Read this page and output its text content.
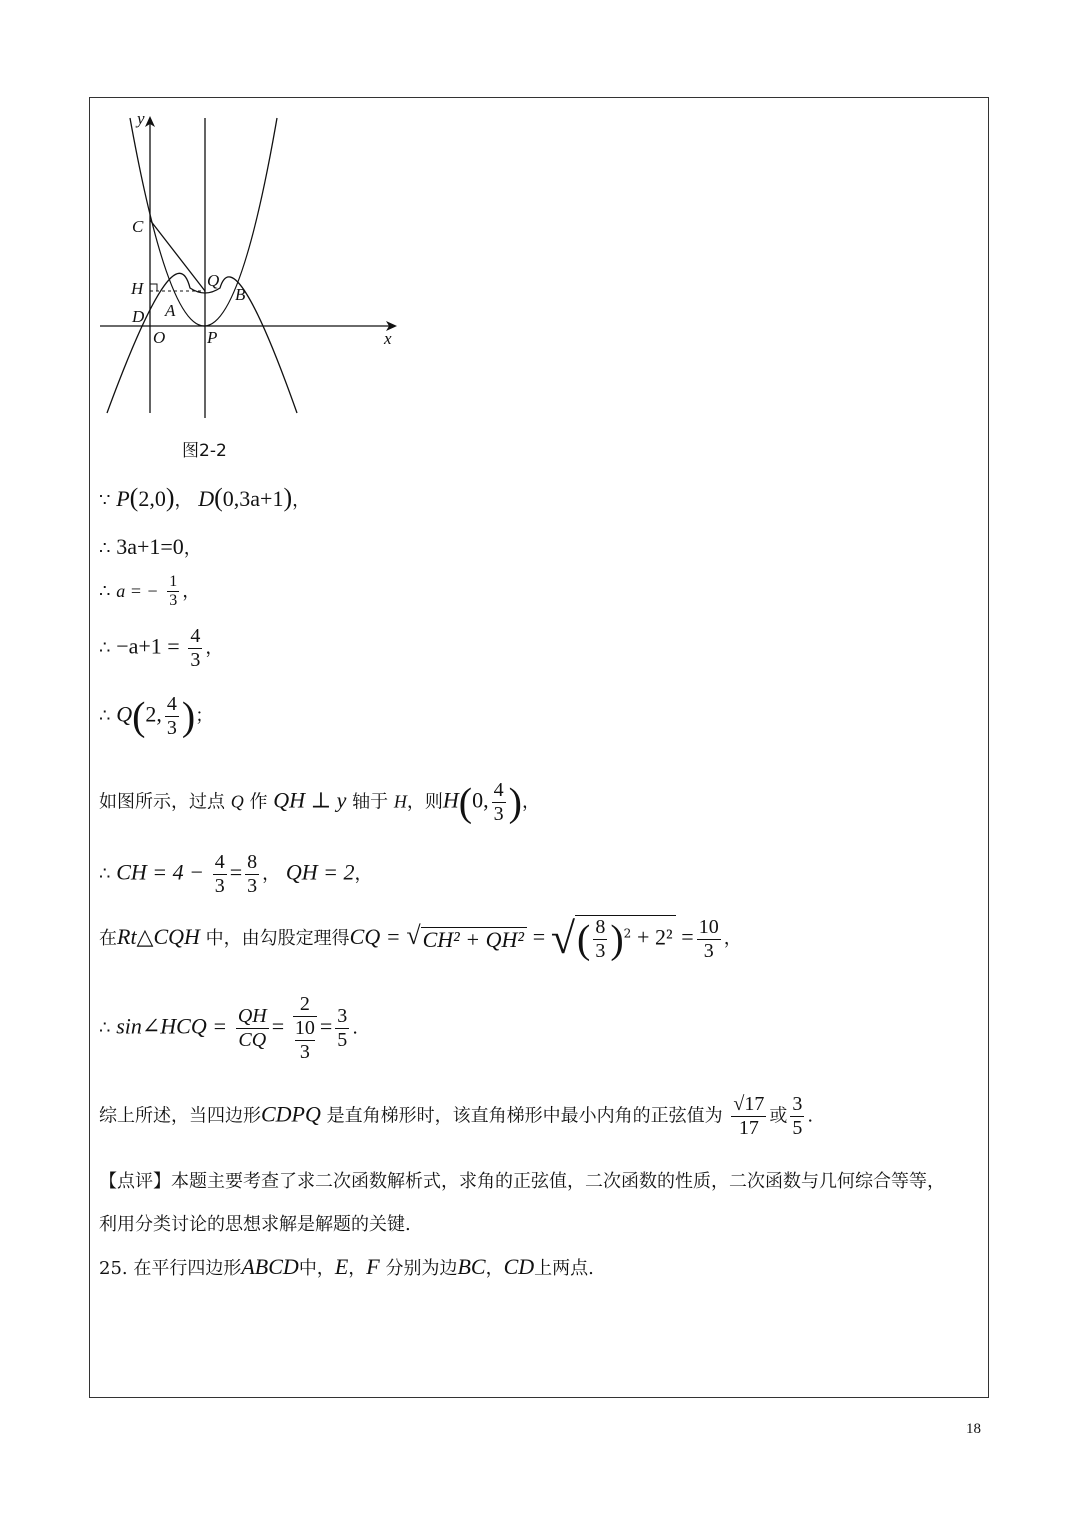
y
x
C
H
D
O P
Q
A
B
图2-2
∵ P(2,0)， D(0,3a+1)，
∴ 3a+1=0，
∴ a = − $\frac{1}{3}$ ，
∴ $-a+1 = \frac{4}{3}$ ，
∴ Q(2, $\frac{4}{3}$ )；
如图所示，过点 Q 作 QH ⊥ y 轴于 H，则H(0, $\frac{4}{3}$ )，
∴ CH = $4 - \frac{4}{3} = \frac{8}{3}$ ， QH = 2，
在Rt△CQH 中，由勾股定理得CQ = √CH² + QH² = √( $\frac{8}{3} )^2 + 2^2 = \frac{10}{3}$ ，
∴ sin∠HCQ = $\frac{QH}{CQ}$ =
2
10
3
= $\frac{3}{5}$ .
综上所述，当四边形CDPQ 是直角梯形时，该直角梯形中最小内角的正弦值为 $\frac{√17}{17}$ 或 $\frac{3}{5}$ .
【点评】本题主要考查了求二次函数解析式，求角的正弦值，二次函数的性质，二次函数与几何综合等等，
利用分类讨论的思想求解是解题的关键.
25. 在平行四边形ABCD中，E，F 分别为边BC，CD上两点.
18
